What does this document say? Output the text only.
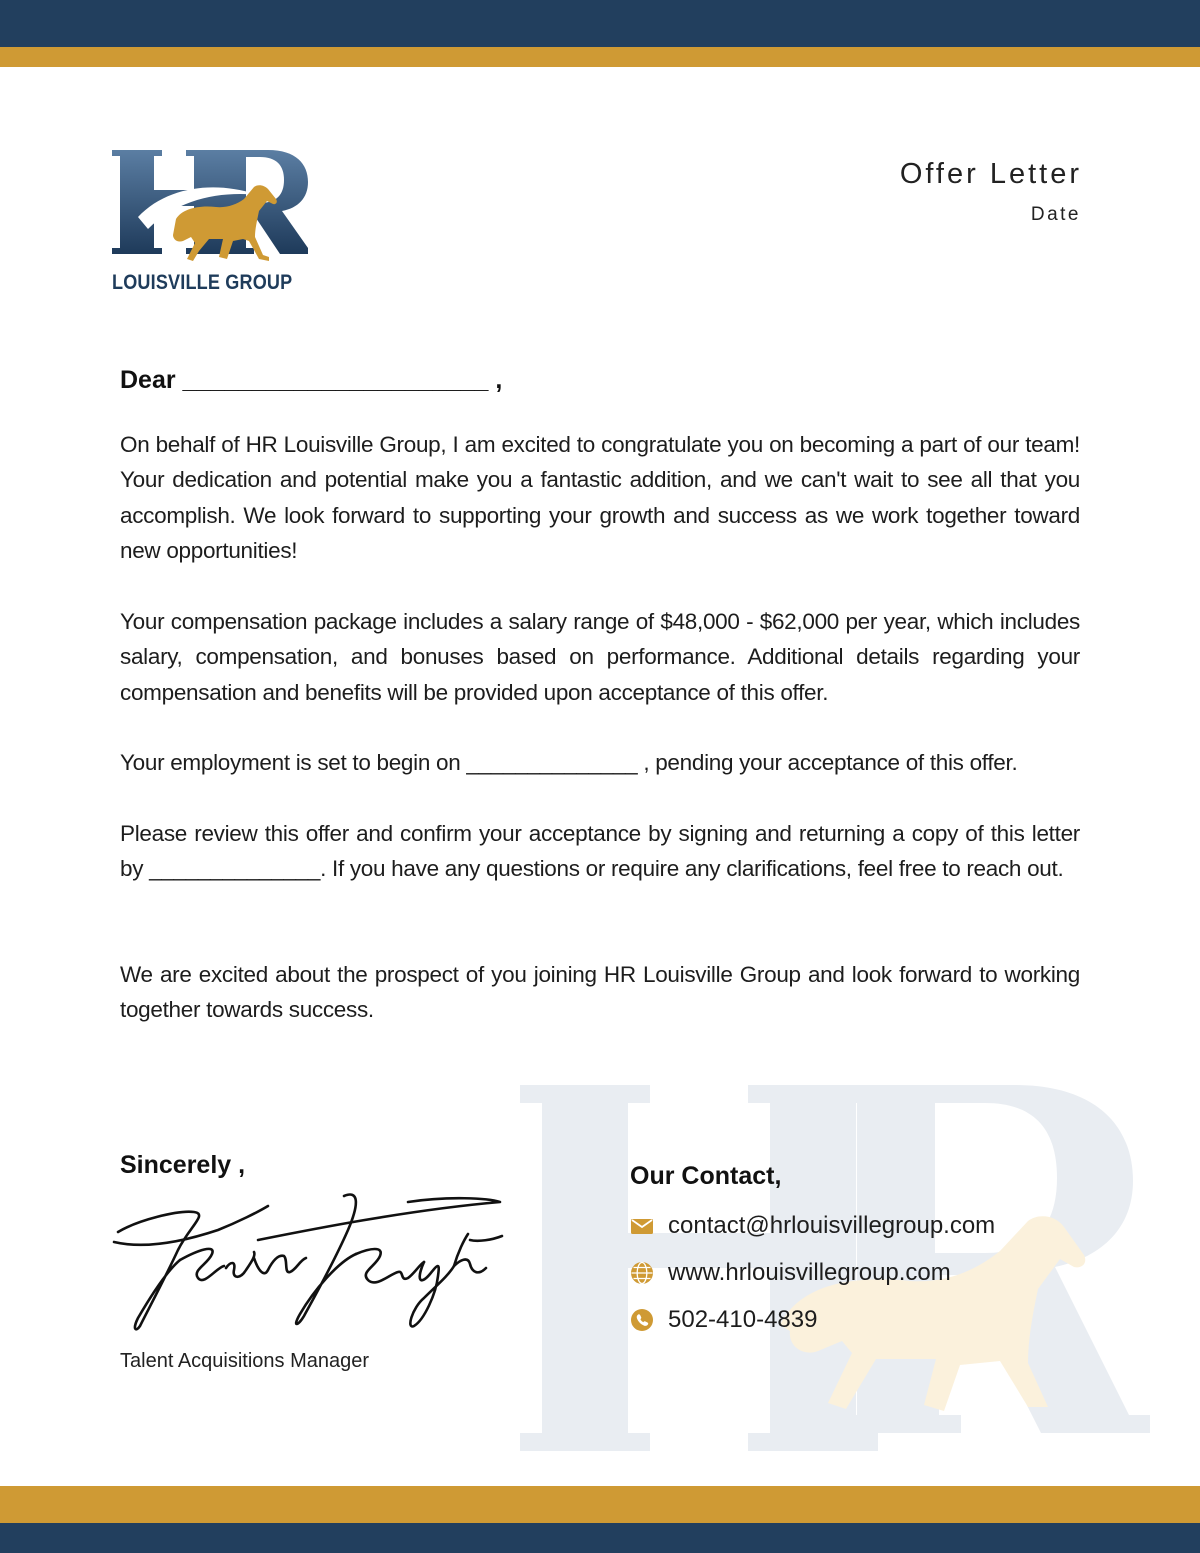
LOUISVILLE GROUP
Offer Letter
Date
Dear ______________________ ,
On behalf of HR Louisville Group, I am excited to congratulate you on becoming a part of our team! Your dedication and potential make you a fantastic addition, and we can't wait to see all that you accomplish. We look forward to supporting your growth and success as we work together toward new opportunities!
Your compensation package includes a salary range of $48,000 - $62,000 per year, which includes salary, compensation, and bonuses based on performance. Additional details regarding your compensation and benefits will be provided upon acceptance of this offer.
Your employment is set to begin on ______________ , pending your acceptance of this offer.
Please review this offer and confirm your acceptance by signing and returning a copy of this letter by ______________. If you have any questions or require any clarifications, feel free to reach out.
We are excited about the prospect of you joining HR Louisville Group and look forward to working together towards success.
Sincerely ,
Talent Acquisitions Manager
Our Contact,
contact@hrlouisvillegroup.com
www.hrlouisvillegroup.com
502-410-4839
